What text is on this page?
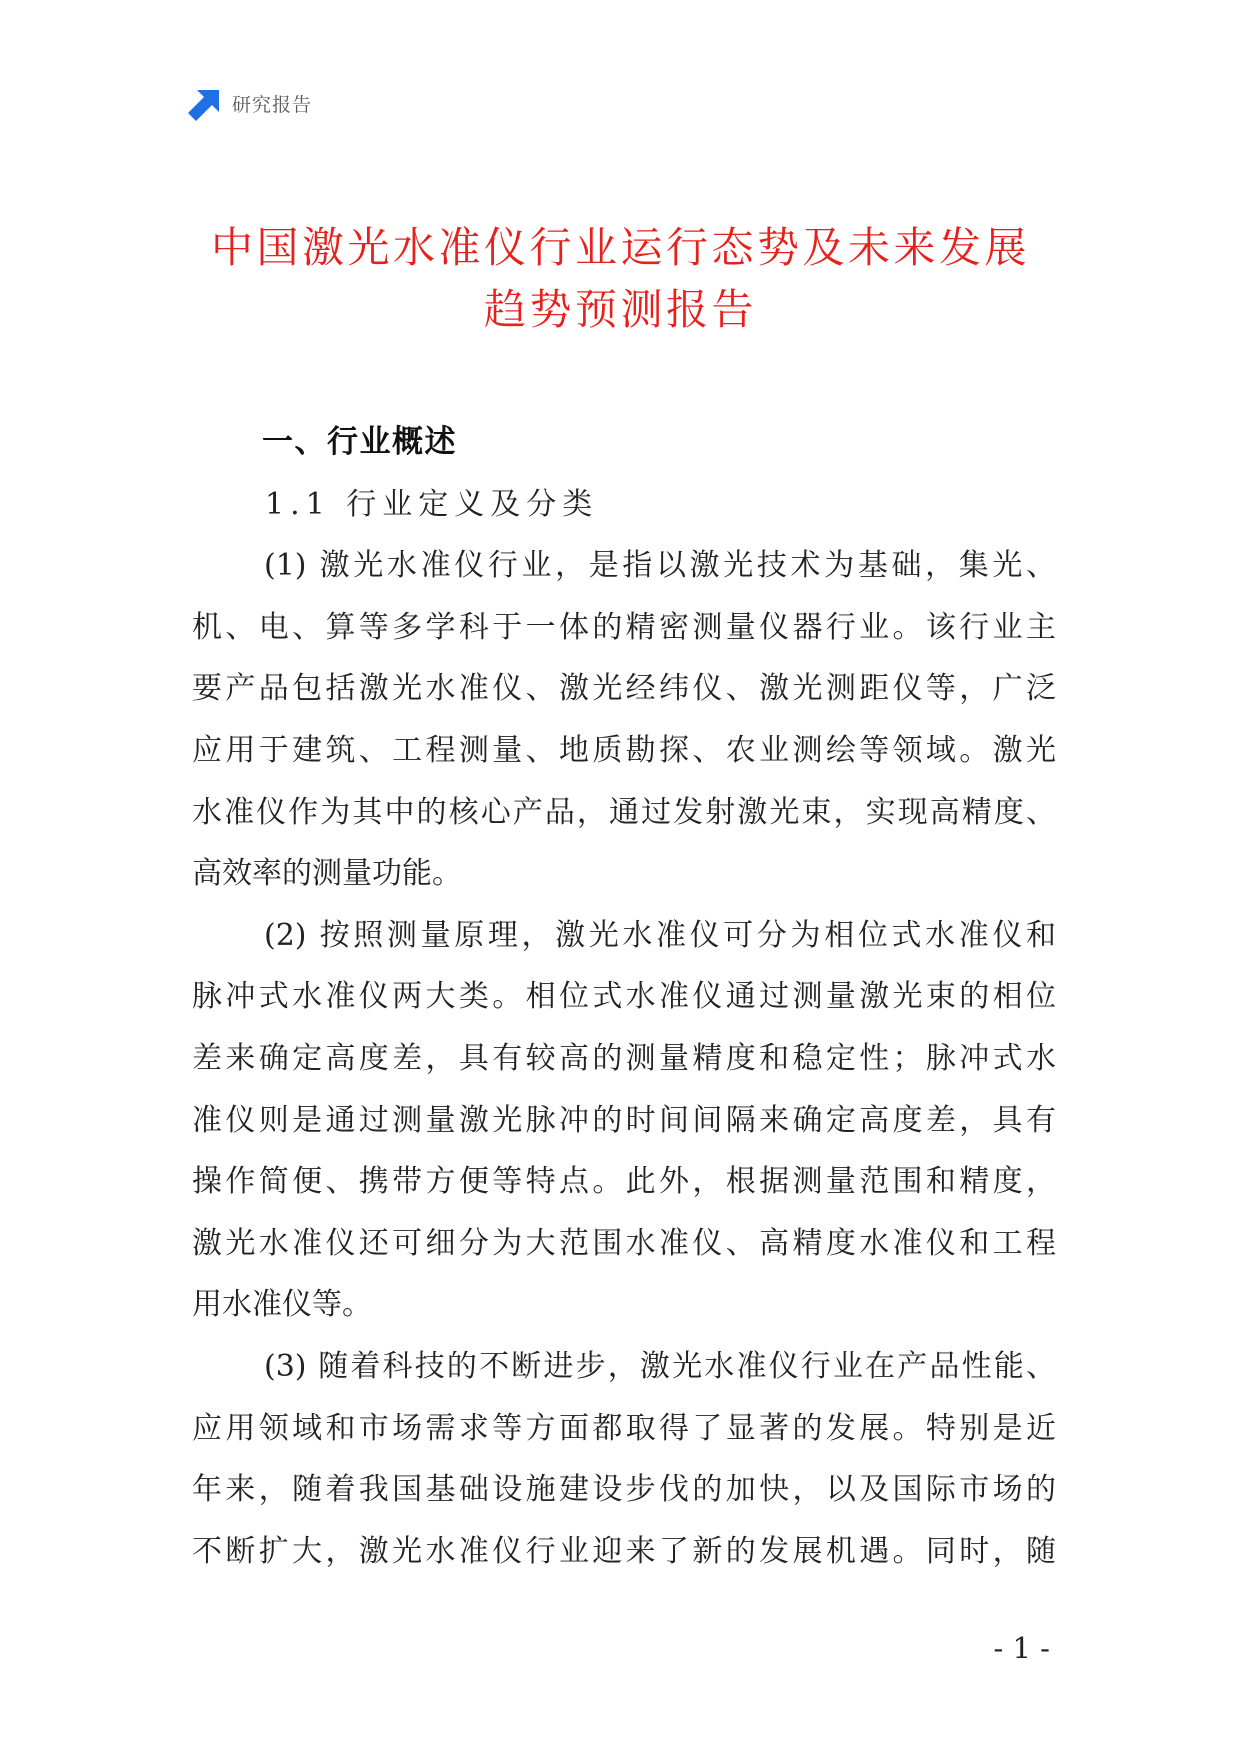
研究报告
中国激光水准仪行业运行态势及未来发展
趋势预测报告
一、行业概述
1.1 行业定义及分类
(1) 激光水准仪行业，是指以激光技术为基础，集光、
机、电、算等多学科于一体的精密测量仪器行业。该行业主
要产品包括激光水准仪、激光经纬仪、激光测距仪等，广泛
应用于建筑、工程测量、地质勘探、农业测绘等领域。激光
水准仪作为其中的核心产品，通过发射激光束，实现高精度、
高效率的测量功能。
(2) 按照测量原理，激光水准仪可分为相位式水准仪和
脉冲式水准仪两大类。相位式水准仪通过测量激光束的相位
差来确定高度差，具有较高的测量精度和稳定性；脉冲式水
准仪则是通过测量激光脉冲的时间间隔来确定高度差，具有
操作简便、携带方便等特点。此外，根据测量范围和精度，
激光水准仪还可细分为大范围水准仪、高精度水准仪和工程
用水准仪等。
(3) 随着科技的不断进步，激光水准仪行业在产品性能、
应用领域和市场需求等方面都取得了显著的发展。特别是近
年来，随着我国基础设施建设步伐的加快，以及国际市场的
不断扩大，激光水准仪行业迎来了新的发展机遇。同时，随
- 1 -
